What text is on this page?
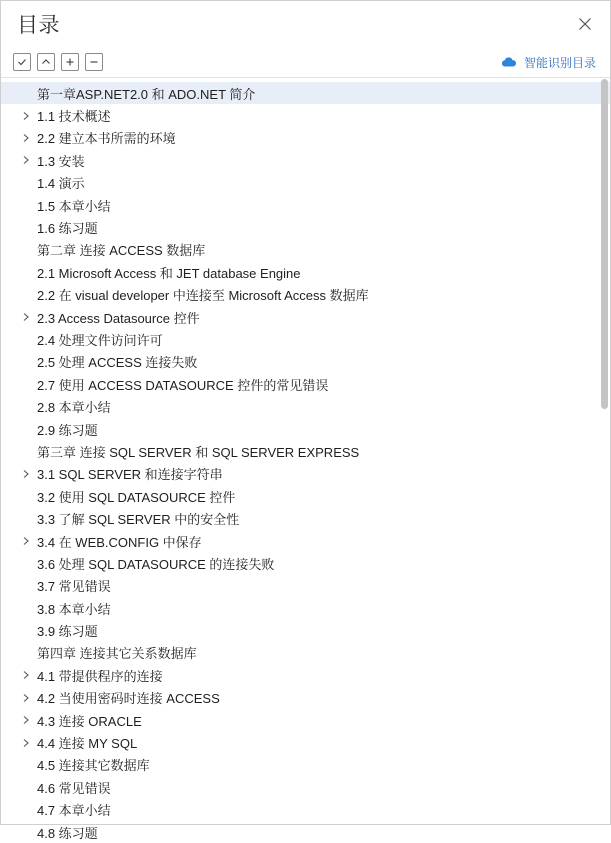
目录
智能识别目录
第一章ASP.NET2.0 和 ADO.NET 简介
1.1 技术概述
2.2 建立本书所需的环境
1.3 安装
1.4 演示
1.5 本章小结
1.6 练习题
第二章 连接 ACCESS 数据库
2.1 Microsoft Access 和 JET database Engine
2.2 在 visual developer 中连接至 Microsoft Access 数据库
2.3 Access Datasource 控件
2.4 处理文件访问许可
2.5 处理 ACCESS 连接失败
2.7 使用 ACCESS DATASOURCE 控件的常见错误
2.8 本章小结
2.9 练习题
第三章 连接 SQL SERVER 和 SQL SERVER EXPRESS
3.1 SQL SERVER 和连接字符串
3.2 使用 SQL DATASOURCE 控件
3.3 了解 SQL SERVER 中的安全性
3.4 在 WEB.CONFIG 中保存
3.6 处理 SQL DATASOURCE 的连接失败
3.7 常见错误
3.8 本章小结
3.9 练习题
第四章 连接其它关系数据库
4.1 带提供程序的连接
4.2 当使用密码时连接 ACCESS
4.3 连接 ORACLE
4.4 连接 MY SQL
4.5 连接其它数据库
4.6 常见错误
4.7 本章小结
4.8 练习题
